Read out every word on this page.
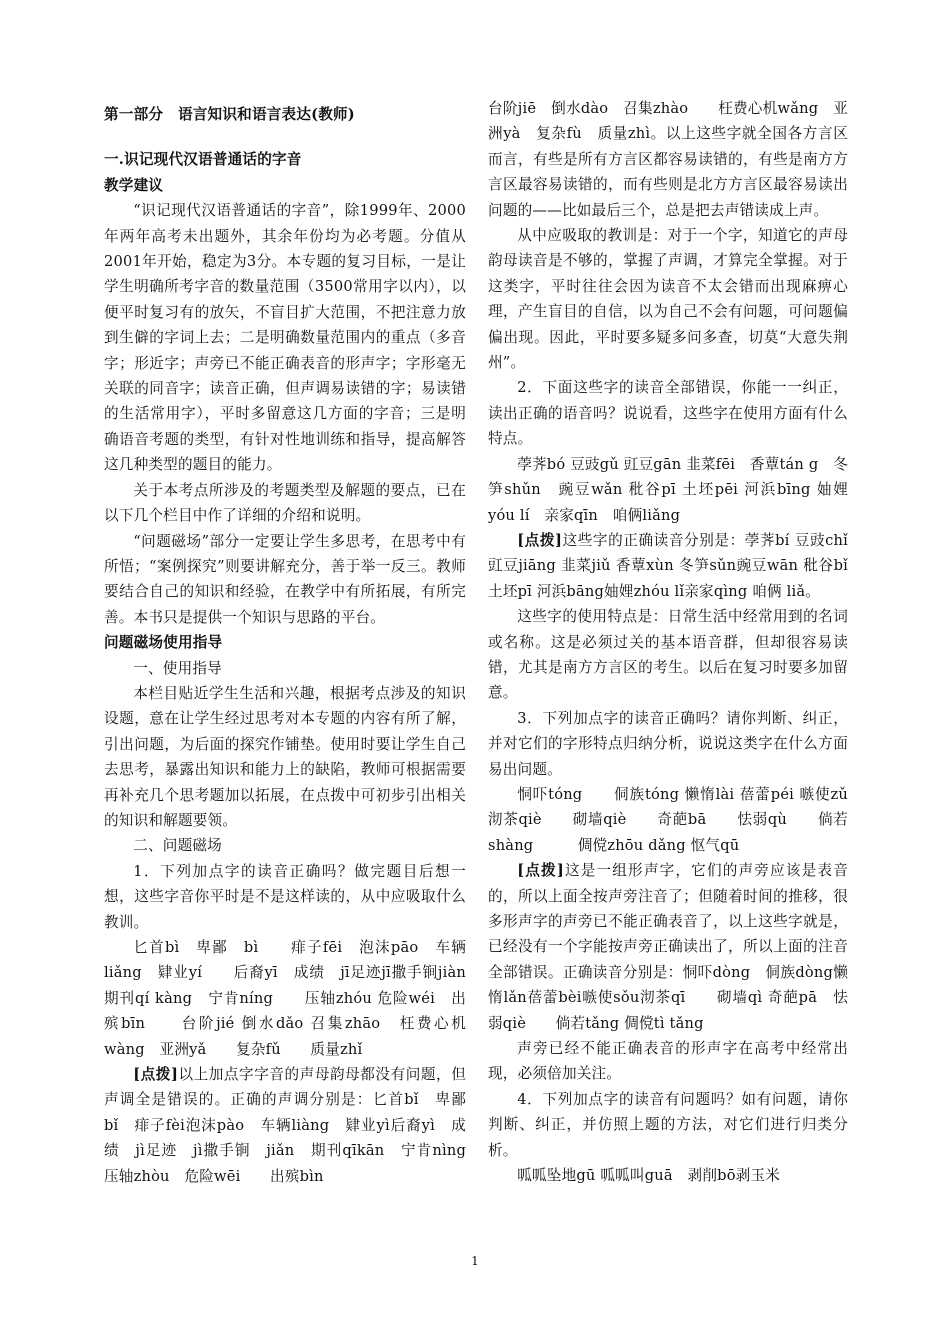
第一部分　语言知识和语言表达(教师)

一.识记现代汉语普通话的字音

教学建议

“识记现代汉语普通话的字音”，除1999年、2000年两年高考未出题外，其余年份均为必考题。分值从2001年开始，稳定为3分。本专题的复习目标，一是让学生明确所考字音的数量范围（3500常用字以内），以便平时复习有的放矢，不盲目扩大范围，不把注意力放到生僻的字词上去；二是明确数量范围内的重点（多音字；形近字；声旁已不能正确表音的形声字；字形毫无关联的同音字；读音正确，但声调易读错的字；易读错的生活常用字），平时多留意这几方面的字音；三是明确语音考题的类型，有针对性地训练和指导，提高解答这几种类型的题目的能力。

关于本考点所涉及的考题类型及解题的要点，已在以下几个栏目中作了详细的介绍和说明。

“问题磁场”部分一定要让学生多思考，在思考中有所悟；“案例探究”则要讲解充分，善于举一反三。教师要结合自己的知识和经验，在教学中有所拓展，有所完善。本书只是提供一个知识与思路的平台。

问题磁场使用指导

一、使用指导

本栏目贴近学生生活和兴趣，根据考点涉及的知识设题，意在让学生经过思考对本专题的内容有所了解，引出问题，为后面的探究作铺垫。使用时要让学生自己去思考，暴露出知识和能力上的缺陷，教师可根据需要再补充几个思考题加以拓展，在点拨中可初步引出相关的知识和解题要领。

二、问题磁场

1．下列加点字的读音正确吗？做完题目后想一想，这些字音你平时是不是这样读的，从中应吸取什么教训。

匕首bì　卑鄙　bì　　痱子fēi　泡沫pāo　车辆liǎng　肄业yí　　后裔yī　成绩　jī足迹jī撒手锏jiàn　期刊qí kàng　宁肯níng　　压轴zhóu 危险wéi　出殡bīn　　台阶jié 倒水dǎo 召集zhāo　枉费心机wàng　亚洲yǎ　　复杂fǔ　　质量zhǐ

[点拨]以上加点字字音的声母韵母都没有问题，但声调全是错误的。正确的声调分别是：匕首bǐ　卑鄙　bǐ　痱子fèi泡沫pào　车辆liàng　肄业yì后裔yì　成绩　jì足迹　jì撒手锏　jiǎn　期刊qīkān　宁肯nìng　　压轴zhòu　危险wēi　　出殡bìn

台阶jiē　倒水dào　召集zhào　　枉费心机wǎng　亚洲yà　复杂fù　质量zhì。以上这些字就全国各方言区而言，有些是所有方言区都容易读错的，有些是南方方言区最容易读错的，而有些则是北方方言区最容易读出问题的——比如最后三个，总是把去声错读成上声。

从中应吸取的教训是：对于一个字，知道它的声母韵母读音是不够的，掌握了声调，才算完全掌握。对于这类字，平时往往会因为读音不太会错而出现麻痹心理，产生盲目的自信，以为自己不会有问题，可问题偏偏出现。因此，平时要多疑多问多查，切莫“大意失荆州”。

2．下面这些字的读音全部错误，你能一一纠正，读出正确的语音吗？说说看，这些字在使用方面有什么特点。

荸荠bó 豆豉gǔ 豇豆gān 韭菜fēi　香蕈tán g　冬笋shǔn　豌豆wǎn 秕谷pī 土坯pēi 河浜bīng 妯娌yóu lí　亲家qīn　咱俩liǎng

[点拨]这些字的正确读音分别是：荸荠bí 豆豉chǐ　豇豆jiāng 韭菜jiǔ 香蕈xùn 冬笋sǔn豌豆wān 秕谷bǐ土坯pī 河浜bāng妯娌zhóu lǐ亲家qìng 咱俩 liǎ。

这些字的使用特点是：日常生活中经常用到的名词或名称。这是必须过关的基本语音群，但却很容易读错，尤其是南方方言区的考生。以后在复习时要多加留意。

3．下列加点字的读音正确吗？请你判断、纠正，并对它们的字形特点归纳分析，说说这类字在什么方面易出问题。

恫吓tóng　　侗族tóng 懒惰lài 蓓蕾péi 嗾使zǔ　沏茶qiè　　砌墙qiè　　奇葩bā　　怯弱qù　　倘若shàng　　　倜傥zhōu dǎng 怄气qū

[点拨]这是一组形声字，它们的声旁应该是表音的，所以上面全按声旁注音了；但随着时间的推移，很多形声字的声旁已不能正确表音了，以上这些字就是，已经没有一个字能按声旁正确读出了，所以上面的注音全部错误。正确读音分别是：恫吓dòng　侗族dòng懒惰lǎn蓓蕾bèi嗾使sǒu沏茶qī　　砌墙qì 奇葩pā　怯弱qiè　　倘若tǎng 倜傥tì tǎng

声旁已经不能正确表音的形声字在高考中经常出现，必须倍加关注。

4．下列加点字的读音有问题吗？如有问题，请你判断、纠正，并仿照上题的方法，对它们进行归类分析。

呱呱坠地gū 呱呱叫guā　剥削bō剥玉米

1
